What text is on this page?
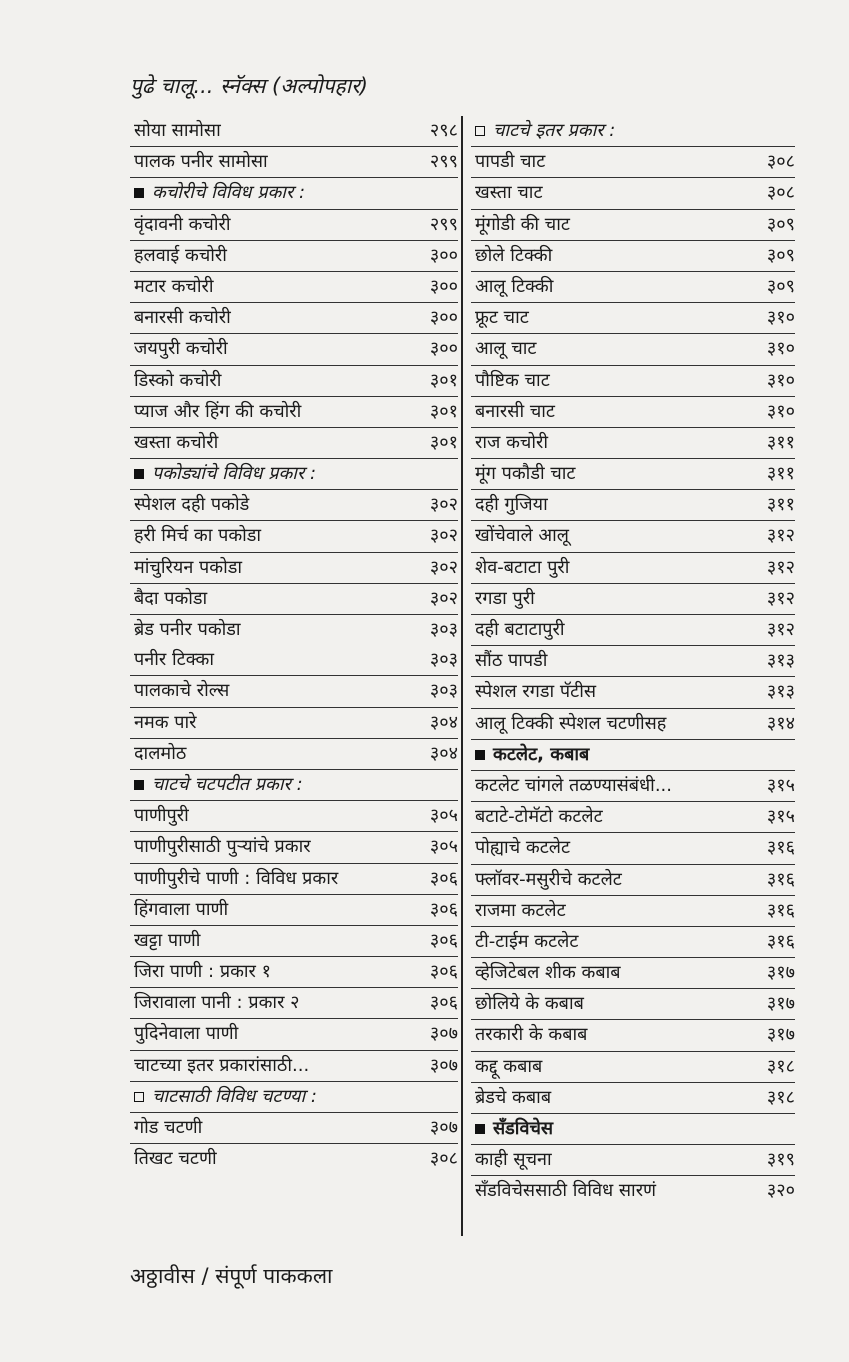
पुढे चालू... स्नॅक्स (अल्पोपहार)
सोया सामोसा	२९८
पालक पनीर सामोसा	२९९
कचोरीचे विविध प्रकार :
वृंदावनी कचोरी	२९९
हलवाई कचोरी	३००
मटार कचोरी	३००
बनारसी कचोरी	३००
जयपुरी कचोरी	३००
डिस्को कचोरी	३०१
प्याज और हिंग की कचोरी	३०१
खस्ता कचोरी	३०१
पकोड्यांचे विविध प्रकार :
स्पेशल दही पकोडे	३०२
हरी मिर्च का पकोडा	३०२
मांचुरियन पकोडा	३०२
बैदा पकोडा	३०२
ब्रेड पनीर पकोडा	३०३
पनीर टिक्का	३०३
पालकाचे रोल्स	३०३
नमक पारे	३०४
दालमोठ	३०४
चाटचे चटपटीत प्रकार :
पाणीपुरी	३०५
पाणीपुरीसाठी पुऱ्यांचे प्रकार	३०५
पाणीपुरीचे पाणी : विविध प्रकार	३०६
हिंगवाला पाणी	३०६
खट्टा पाणी	३०६
जिरा पाणी : प्रकार १	३०६
जिरावाला पानी : प्रकार २	३०६
पुदिनेवाला पाणी	३०७
चाटच्या इतर प्रकारांसाठी...	३०७
चाटसाठी विविध चटण्या :
गोड चटणी	३०७
तिखट चटणी	३०८
चाटचे इतर प्रकार :
पापडी चाट	३०८
खस्ता चाट	३०८
मूंगोडी की चाट	३०९
छोले टिक्की	३०९
आलू टिक्की	३०९
फ्रूट चाट	३१०
आलू चाट	३१०
पौष्टिक चाट	३१०
बनारसी चाट	३१०
राज कचोरी	३११
मूंग पकौडी चाट	३११
दही गुजिया	३११
खोंचेवाले आलू	३१२
शेव-बटाटा पुरी	३१२
रगडा पुरी	३१२
दही बटाटापुरी	३१२
सौंठ पापडी	३१३
स्पेशल रगडा पॅटीस	३१३
आलू टिक्की स्पेशल चटणीसह	३१४
कटलेट, कबाब
कटलेट चांगले तळण्यासंबंधी...	३१५
बटाटे-टोमॅटो कटलेट	३१५
पोह्याचे कटलेट	३१६
फ्लॉवर-मसुरीचे कटलेट	३१६
राजमा कटलेट	३१६
टी-टाईम कटलेट	३१६
व्हेजिटेबल शीक कबाब	३१७
छोलिये के कबाब	३१७
तरकारी के कबाब	३१७
कद्दू कबाब	३१८
ब्रेडचे कबाब	३१८
सँडविचेस
काही सूचना	३१९
सँडविचेससाठी विविध सारणं	३२०
अठ्ठावीस / संपूर्ण पाककला
